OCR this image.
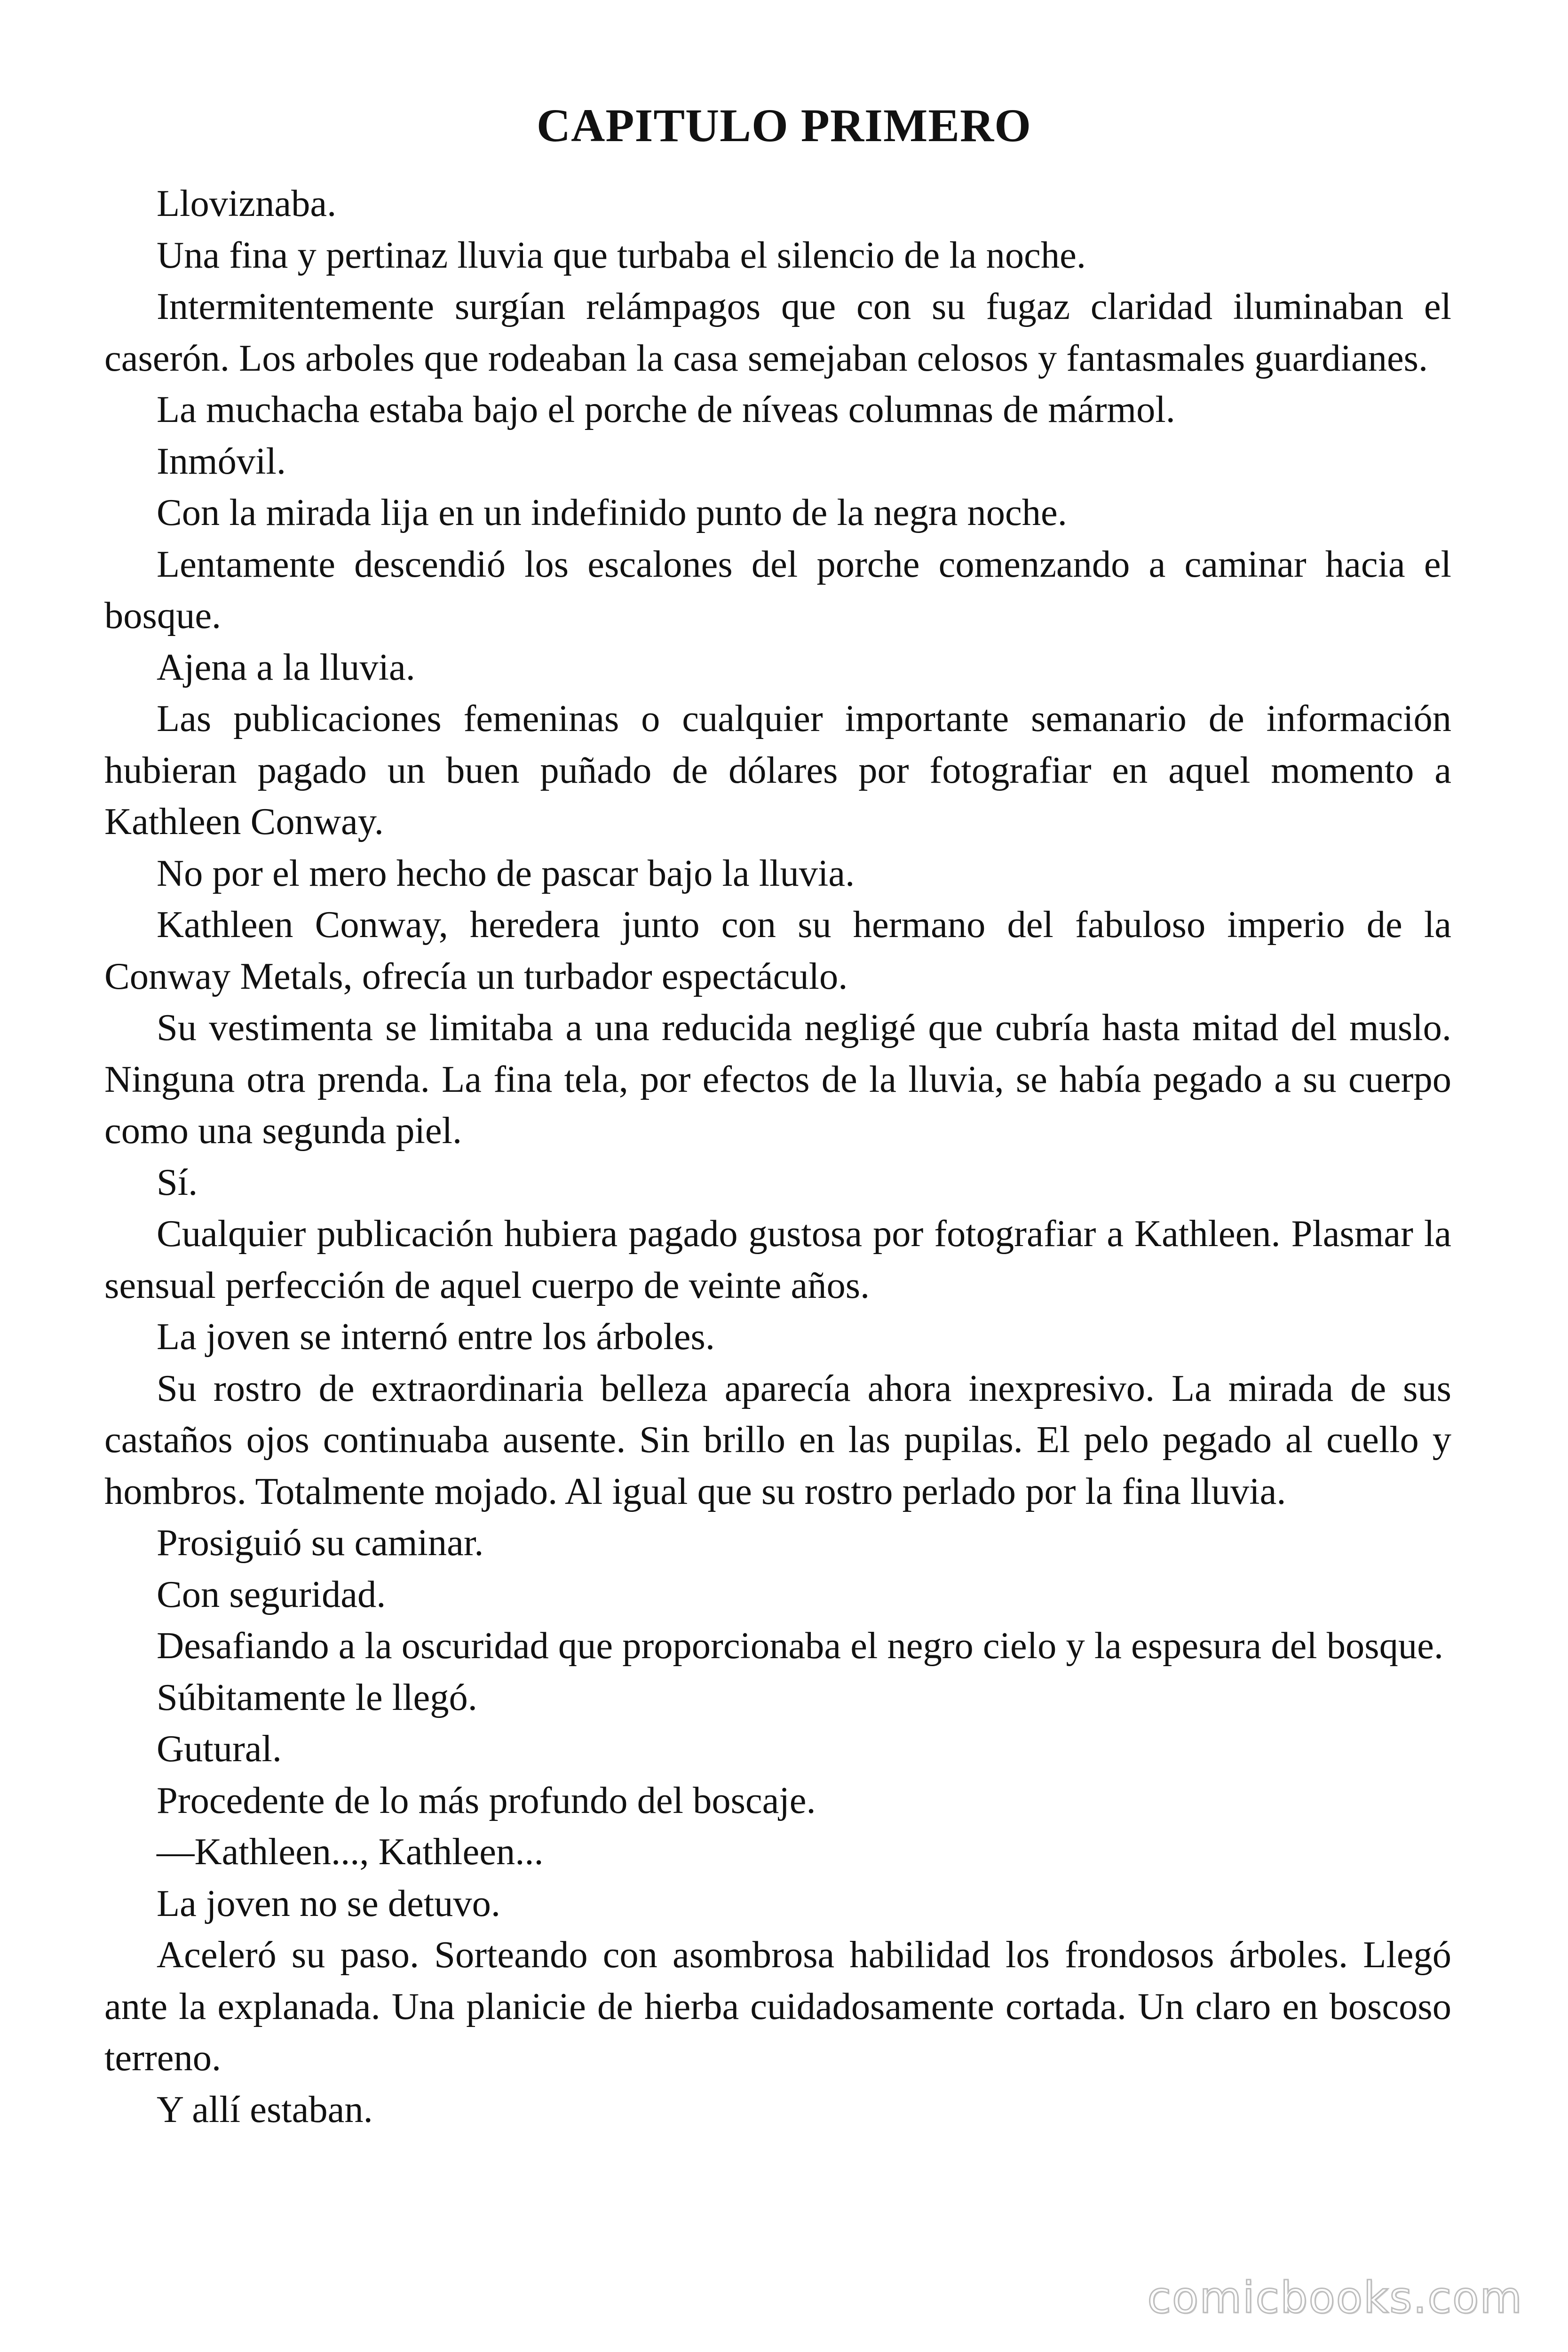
CAPITULO PRIMERO

Lloviznaba.

Una fina y pertinaz lluvia que turbaba el silencio de la noche.

Intermitentemente surgían relámpagos que con su fugaz claridad iluminaban el caserón. Los arboles que rodeaban la casa semejaban celosos y fantasmales guardianes.

La muchacha estaba bajo el porche de níveas columnas de mármol.

Inmóvil.

Con la mirada lija en un indefinido punto de la negra noche.

Lentamente descendió los escalones del porche comenzando a caminar hacia el bosque.

Ajena a la lluvia.

Las publicaciones femeninas o cualquier importante semanario de información hubieran pagado un buen puñado de dólares por fotografiar en aquel momento a Kathleen Conway.

No por el mero hecho de pascar bajo la lluvia.

Kathleen Conway, heredera junto con su hermano del fabuloso imperio de la Conway Metals, ofrecía un turbador espectáculo.

Su vestimenta se limitaba a una reducida negligé que cubría hasta mitad del muslo. Ninguna otra prenda. La fina tela, por efectos de la lluvia, se había pegado a su cuerpo como una segunda piel.

Sí.

Cualquier publicación hubiera pagado gustosa por fotografiar a Kathleen. Plasmar la sensual perfección de aquel cuerpo de veinte años.

La joven se internó entre los árboles.

Su rostro de extraordinaria belleza aparecía ahora inexpresivo. La mirada de sus castaños ojos continuaba ausente. Sin brillo en las pupilas. El pelo pegado al cuello y hombros. Totalmente mojado. Al igual que su rostro perlado por la fina lluvia.

Prosiguió su caminar.

Con seguridad.

Desafiando a la oscuridad que proporcionaba el negro cielo y la espesura del bosque.

Súbitamente le llegó.

Gutural.

Procedente de lo más profundo del boscaje.

—Kathleen..., Kathleen...

La joven no se detuvo.

Aceleró su paso. Sorteando con asombrosa habilidad los frondosos árboles. Llegó ante la explanada. Una planicie de hierba cuidadosamente cortada. Un claro en boscoso terreno.

Y allí estaban.

comicbooks.com
